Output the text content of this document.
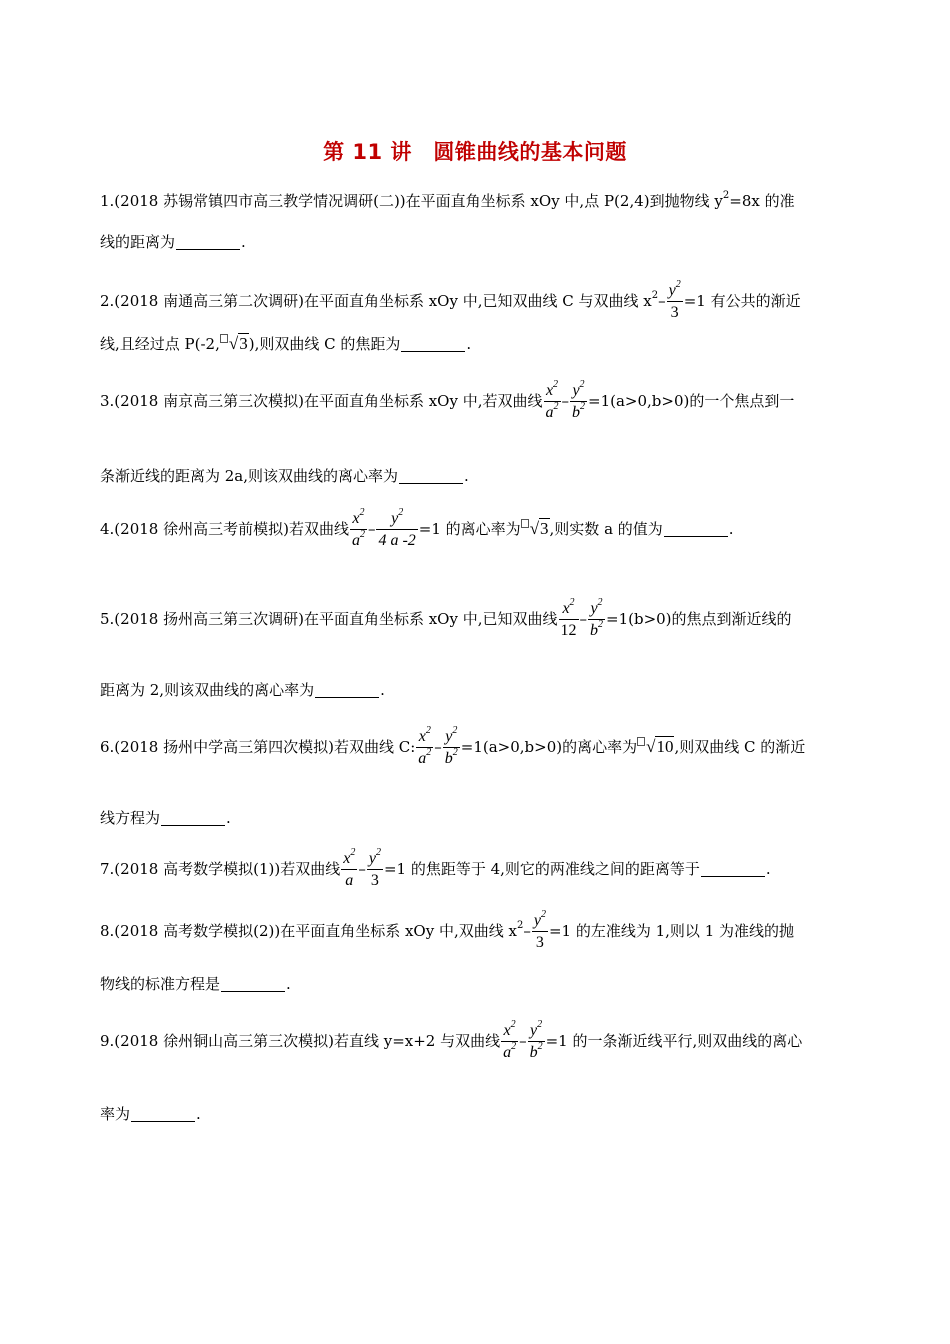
第 11 讲　圆锥曲线的基本问题
1.(2018 苏锡常镇四市高三教学情况调研(二))在平面直角坐标系 xOy 中,点 P(2,4)到抛物线 $y^2=8x$ 的准
线的距离为	.
2.(2018 南通高三第二次调研)在平面直角坐标系 xOy 中,已知双曲线 C 与双曲线 $x^2- \frac{y^2}{3} =1$ 有公共的渐近
线,且经过点 P(-2, √3),则双曲线 C 的焦距为	.
3.(2018 南京高三第三次模拟)在平面直角坐标系 xOy 中,若双曲线 $\frac{x^2}{a^2} - \frac{y^2}{b^2} =1(a>0,b>0)$的一个焦点到一
条渐近线的距离为 2a,则该双曲线的离心率为	.
4.(2018 徐州高三考前模拟)若双曲线 $\frac{x^2}{a^2} - \frac{y^2}{4 a -2} =1$ 的离心率为 √3,则实数 a 的值为	.
5.(2018 扬州高三第三次调研)在平面直角坐标系 xOy 中,已知双曲线 $\frac{x^2}{12} - \frac{y^2}{b^2} =1(b>0)$的焦点到渐近线的
距离为 2,则该双曲线的离心率为	.
6.(2018 扬州中学高三第四次模拟)若双曲线 C: $\frac{x^2}{a^2} - \frac{y^2}{b^2} =1(a>0,b>0)$的离心率为 √10,则双曲线 C 的渐近
线方程为	.
7.(2018 高考数学模拟(1))若双曲线 $\frac{x^2}{a} - \frac{y^2}{3} =1$ 的焦距等于 4,则它的两准线之间的距离等于	.
8.(2018 高考数学模拟(2))在平面直角坐标系 xOy 中,双曲线 $x^2- \frac{y^2}{3} =1$ 的左准线为 1,则以 1 为准线的抛
物线的标准方程是	.
9.(2018 徐州铜山高三第三次模拟)若直线 y=x+2 与双曲线 $\frac{x^2}{a^2} - \frac{y^2}{b^2} =1$ 的一条渐近线平行,则双曲线的离心
率为	.
